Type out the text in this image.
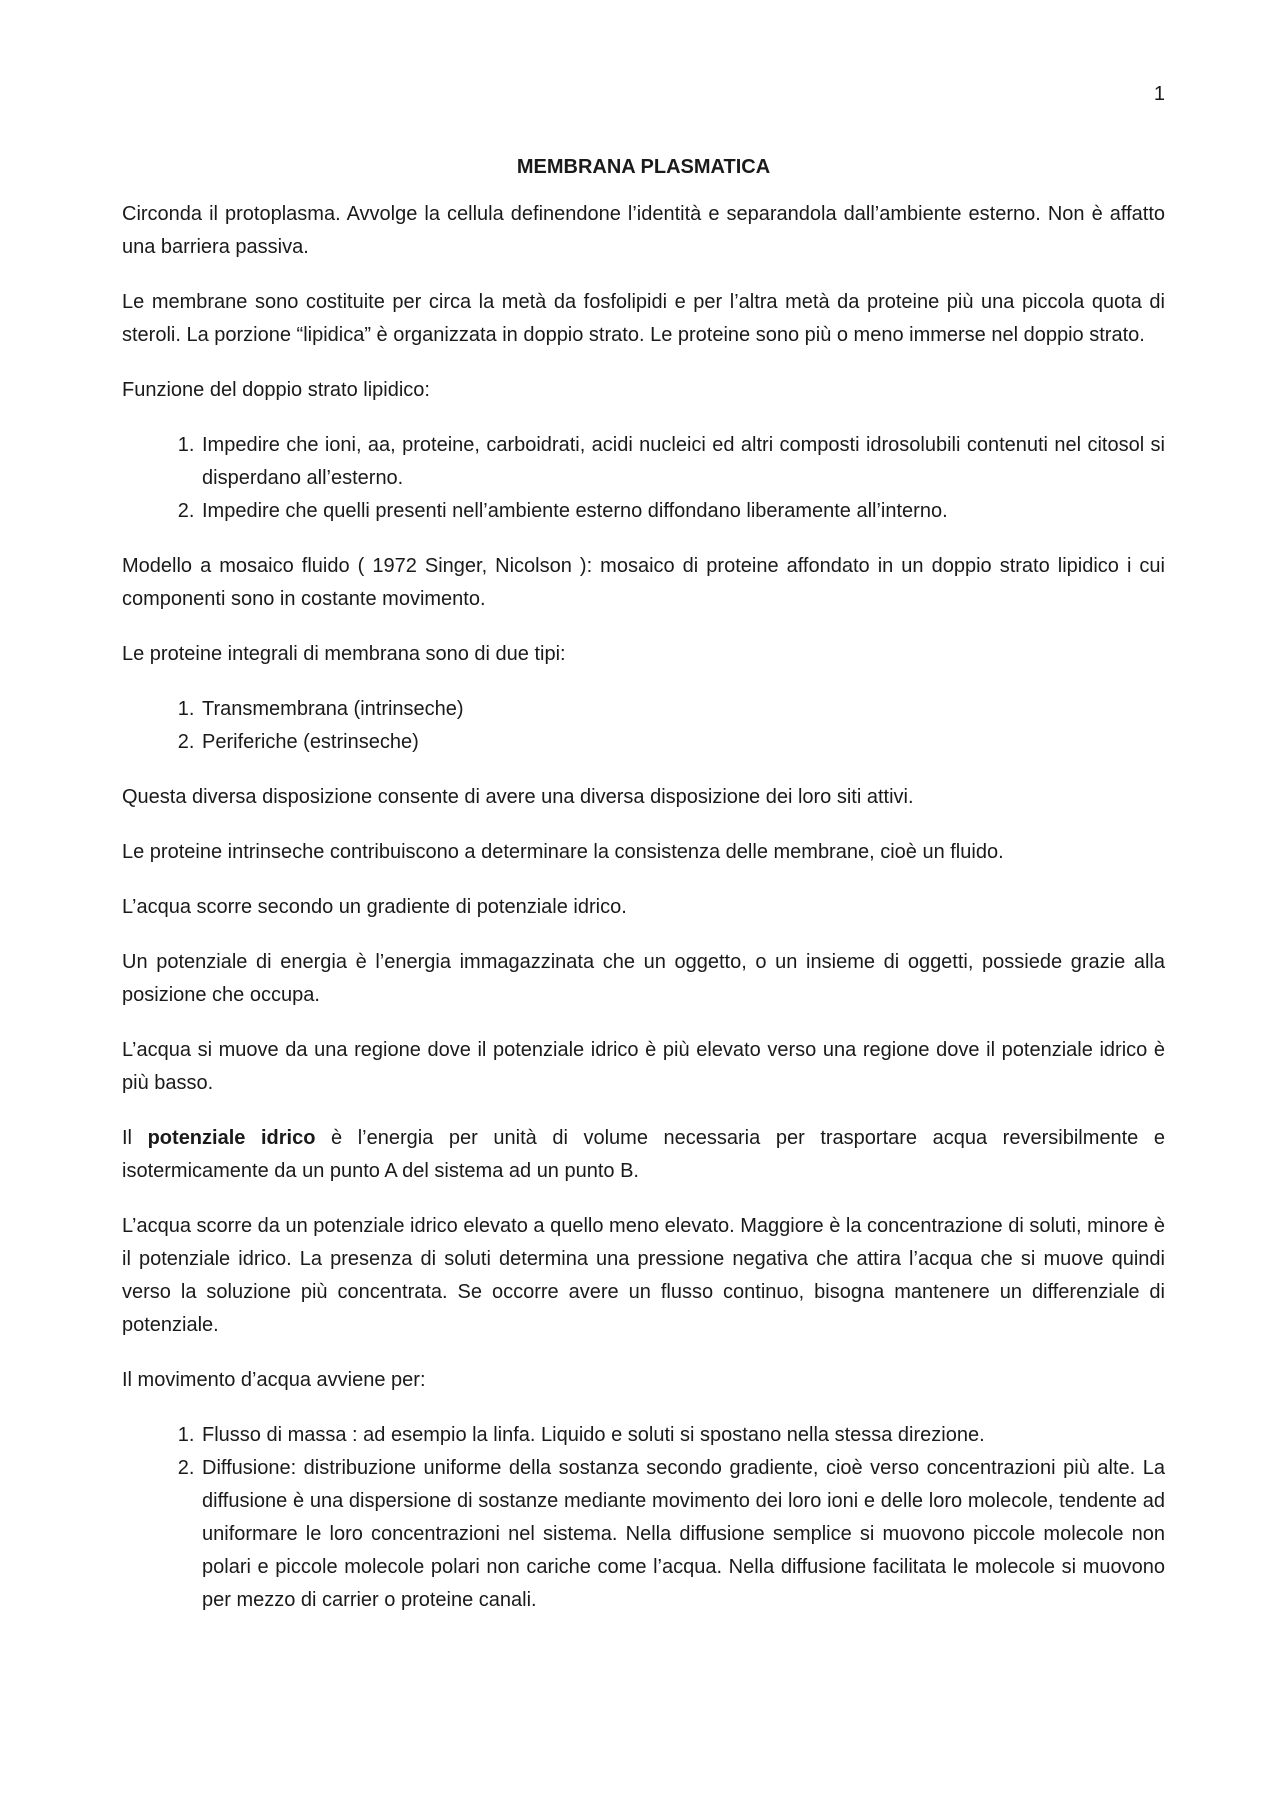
1
MEMBRANA PLASMATICA

Circonda il protoplasma. Avvolge la cellula definendone l’identità e separandola dall’ambiente esterno. Non è affatto una barriera passiva.

Le membrane sono costituite per circa la metà da fosfolipidi e per l’altra metà da proteine più una piccola quota di steroli. La porzione “lipidica” è organizzata in doppio strato. Le proteine sono più o meno immerse nel doppio strato.

Funzione del doppio strato lipidico:

1. Impedire che ioni, aa, proteine, carboidrati, acidi nucleici ed altri composti idrosolubili contenuti nel citosol si disperdano all’esterno.
2. Impedire che quelli presenti nell’ambiente esterno diffondano liberamente all’interno.

Modello a mosaico fluido ( 1972 Singer, Nicolson ): mosaico di proteine affondato in un doppio strato lipidico i cui componenti sono in costante movimento.

Le proteine integrali di membrana sono di due tipi:

1. Transmembrana (intrinseche)
2. Periferiche (estrinseche)

Questa diversa disposizione consente di avere una diversa disposizione dei loro siti attivi.

Le proteine intrinseche contribuiscono a determinare la consistenza delle membrane, cioè un fluido.

L’acqua scorre secondo un gradiente di potenziale idrico.

Un potenziale di energia è l’energia immagazzinata che un oggetto, o un insieme di oggetti, possiede grazie alla posizione che occupa.

L’acqua si muove da una regione dove il potenziale idrico è più elevato verso una regione dove il potenziale idrico è più basso.

Il potenziale idrico è l’energia per unità di volume necessaria per trasportare acqua reversibilmente e isotermicamente da un punto A del sistema ad un punto B.

L’acqua scorre da un potenziale idrico elevato a quello meno elevato. Maggiore è la concentrazione di soluti, minore è il potenziale idrico. La presenza di soluti determina una pressione negativa che attira l’acqua che si muove quindi verso la soluzione più concentrata. Se occorre avere un flusso continuo, bisogna mantenere un differenziale di potenziale.

Il movimento d’acqua avviene per:

1. Flusso di massa : ad esempio la linfa. Liquido e soluti si spostano nella stessa direzione.
2. Diffusione: distribuzione uniforme della sostanza secondo gradiente, cioè verso concentrazioni più alte. La diffusione è una dispersione di sostanze mediante movimento dei loro ioni e delle loro molecole, tendente ad uniformare le loro concentrazioni nel sistema. Nella diffusione semplice si muovono piccole molecole non polari e piccole molecole polari non cariche come l’acqua. Nella diffusione facilitata le molecole si muovono per mezzo di carrier o proteine canali.
